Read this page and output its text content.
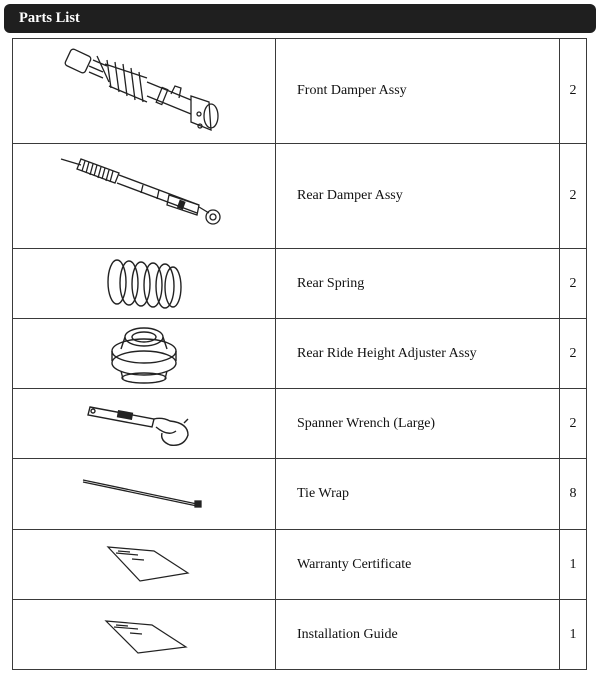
Parts List
	Front Damper Assy	2

	Rear Damper Assy	2

	Rear Spring	2

	Rear Ride Height Adjuster Assy	2

	Spanner Wrench (Large)	2

	Tie Wrap	8

	Warranty Certificate	1

	Installation Guide	1
